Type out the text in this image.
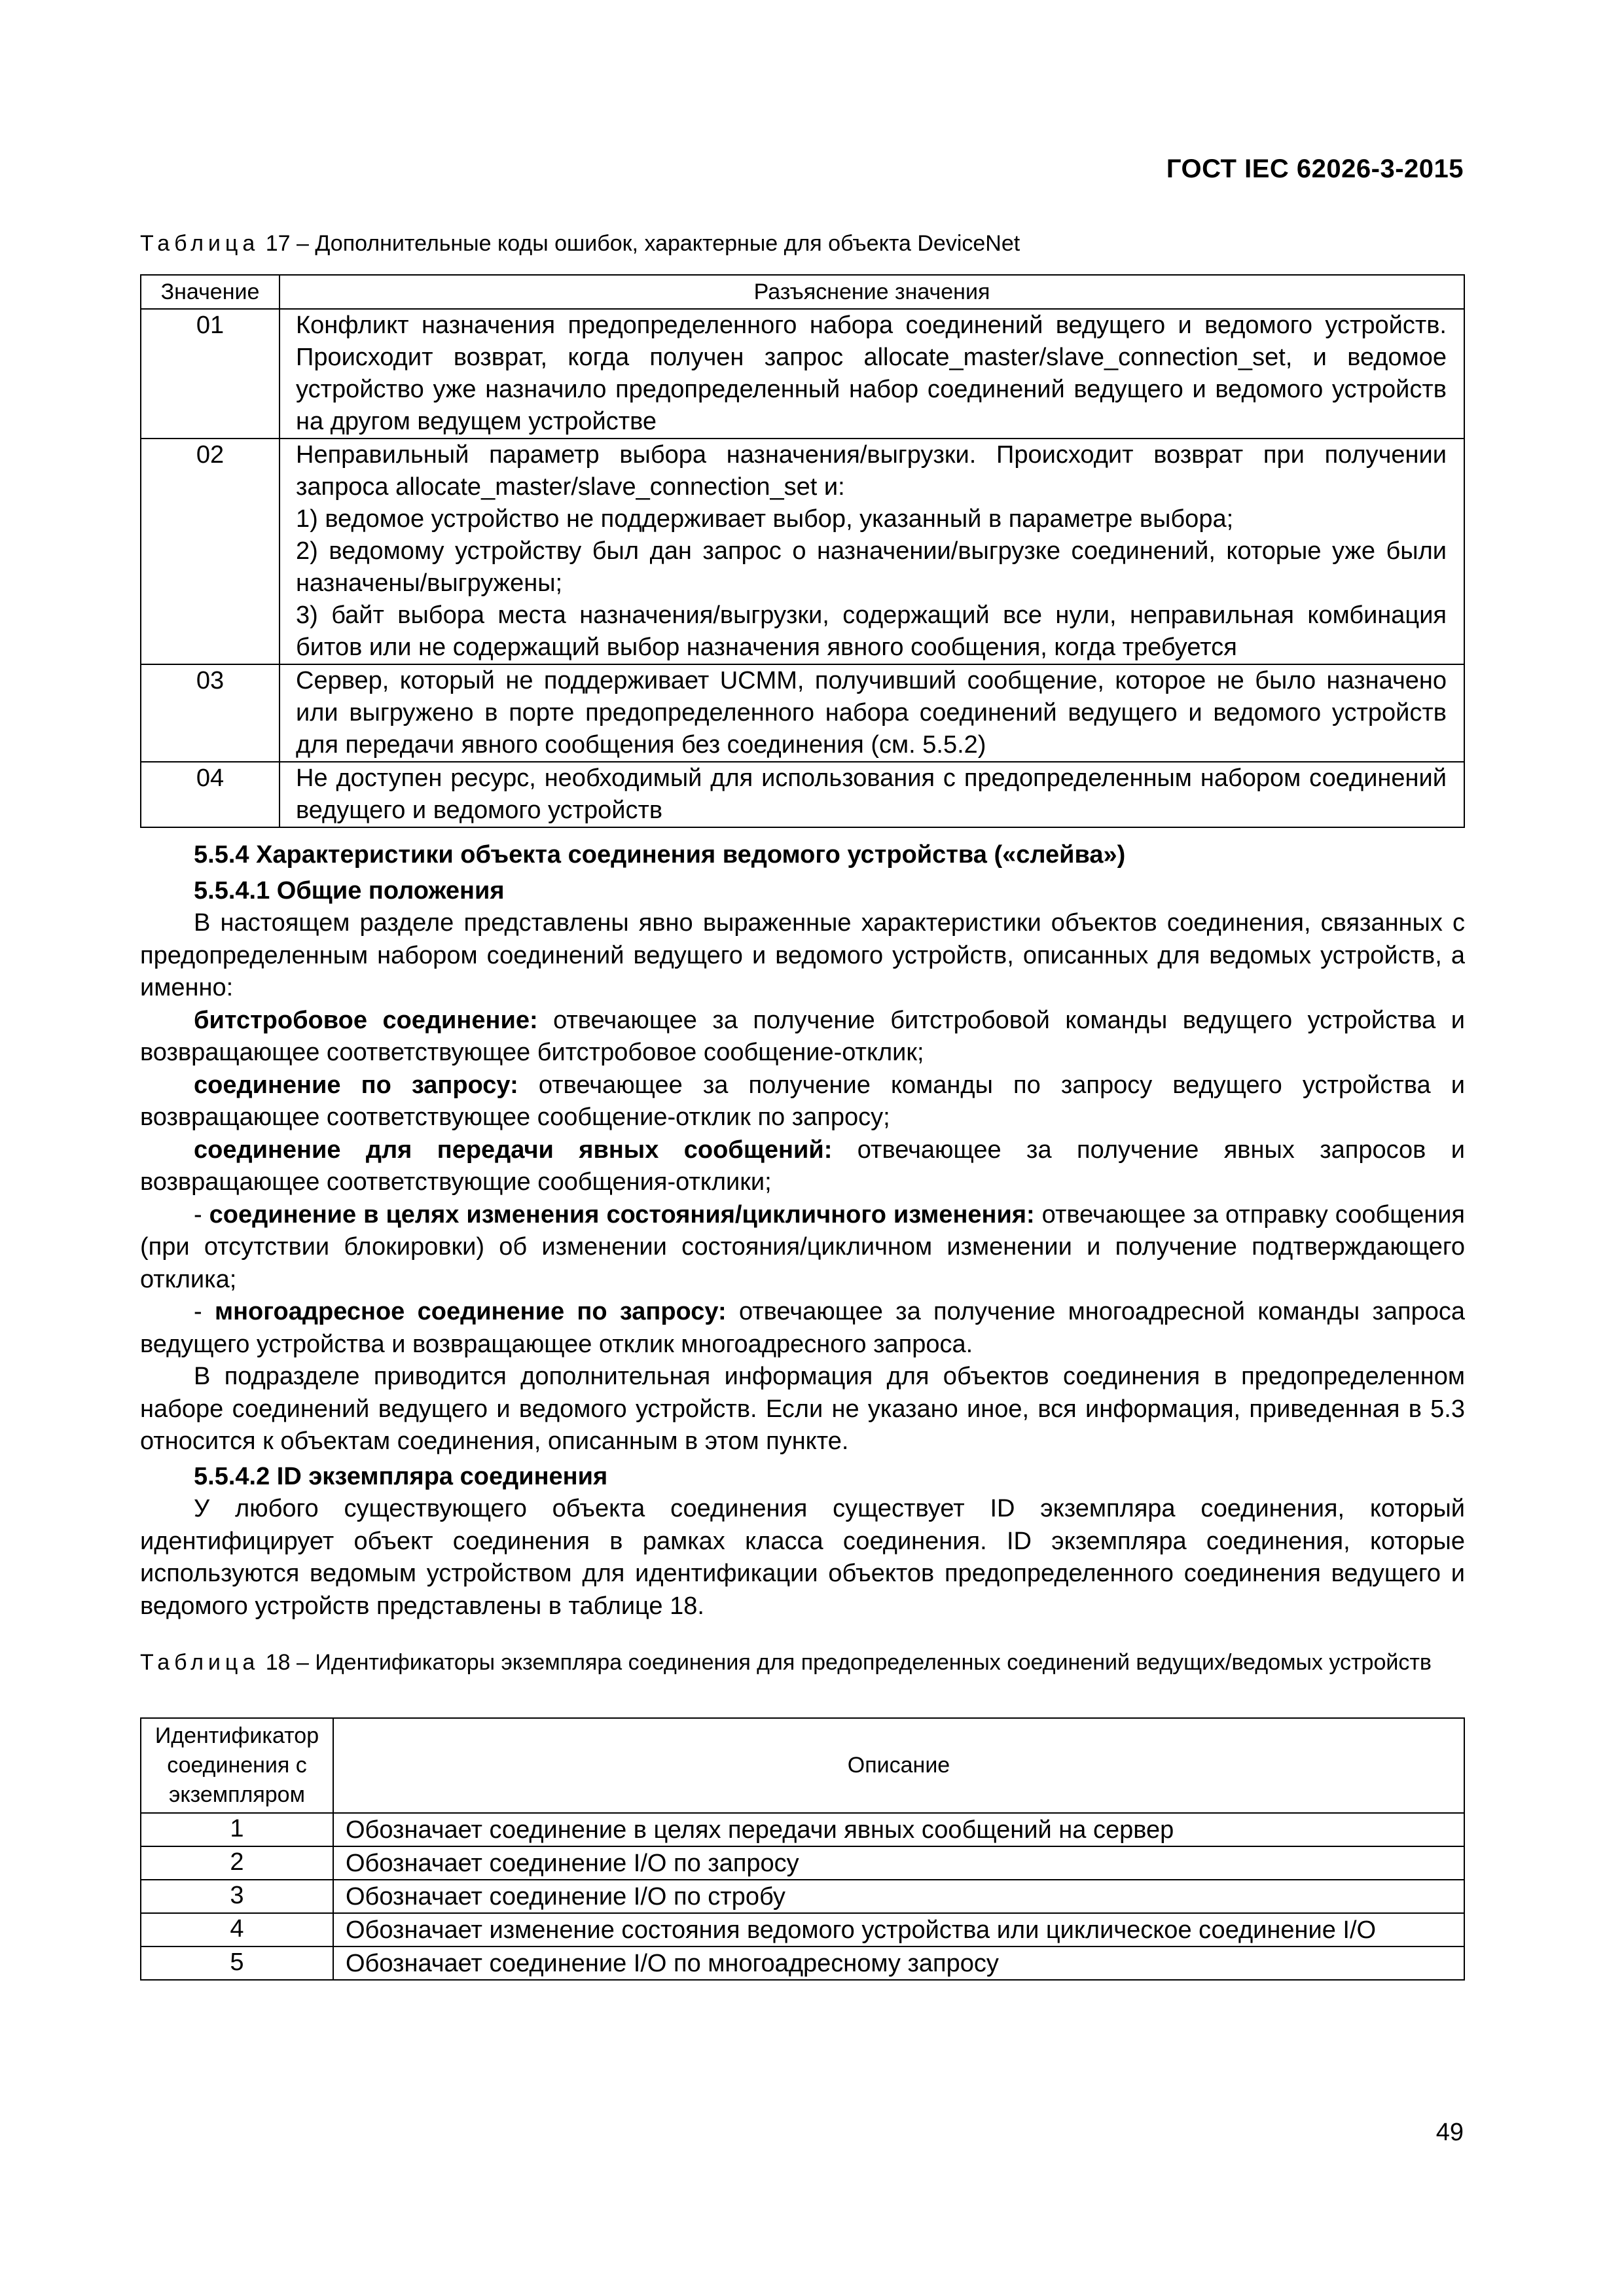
ГОСТ IEC 62026-3-2015
Таблица 17 – Дополнительные коды ошибок, характерные для объекта DeviceNet
Значение	Разъяснение значения
01	Конфликт назначения предопределенного набора соединений ведущего и ведомого устройств. Происходит возврат, когда получен запрос allocate_master/slave_connection_set, и ведомое устройство уже назначило предопределенный набор соединений ведущего и ведомого устройств на другом ведущем устройстве

02	Неправильный параметр выбора назначения/выгрузки. Происходит возврат при получении запроса allocate_master/slave_connection_set и:
1) ведомое устройство не поддерживает выбор, указанный в параметре выбора;
2) ведомому устройству был дан запрос о назначении/выгрузке соединений, которые уже были назначены/выгружены;
3) байт выбора места назначения/выгрузки, содержащий все нули, неправильная комбинация битов или не содержащий выбор назначения явного сообщения, когда требуется

03	Сервер, который не поддерживает UCMM, получивший сообщение, которое не было назначено или выгружено в порте предопределенного набора соединений ведущего и ведомого устройств для передачи явного сообщения без соединения (см. 5.5.2)

04	Не доступен ресурс, необходимый для использования с предопределенным набором соединений ведущего и ведомого устройств

5.5.4 Характеристики объекта соединения ведомого устройства («слейва»)

5.5.4.1 Общие положения

В настоящем разделе представлены явно выраженные характеристики объектов соединения, связанных с предопределенным набором соединений ведущего и ведомого устройств, описанных для ведомых устройств, а именно:

битстробовое соединение: отвечающее за получение битстробовой команды ведущего устройства и возвращающее соответствующее битстробовое сообщение-отклик;

соединение по запросу: отвечающее за получение команды по запросу ведущего устройства и возвращающее соответствующее сообщение-отклик по запросу;

соединение для передачи явных сообщений: отвечающее за получение явных запросов и возвращающее соответствующие сообщения-отклики;

- соединение в целях изменения состояния/цикличного изменения: отвечающее за отправку сообщения (при отсутствии блокировки) об изменении состояния/цикличном изменении и получение подтверждающего отклика;

- многоадресное соединение по запросу: отвечающее за получение многоадресной команды запроса ведущего устройства и возвращающее отклик многоадресного запроса.

В подразделе приводится дополнительная информация для объектов соединения в предопределенном наборе соединений ведущего и ведомого устройств. Если не указано иное, вся информация, приведенная в 5.3 относится к объектам соединения, описанным в этом пункте.

5.5.4.2 ID экземпляра соединения

У любого существующего объекта соединения существует ID экземпляра соединения, который идентифицирует объект соединения в рамках класса соединения. ID экземпляра соединения, которые используются ведомым устройством для идентификации объектов предопределенного соединения ведущего и ведомого устройств представлены в таблице 18.

Таблица 18 – Идентификаторы экземпляра соединения для предопределенных соединений ведущих/ведомых устройств
Идентификатор соединения с экземпляром	Описание
1	Обозначает соединение в целях передачи явных сообщений на сервер
2	Обозначает соединение I/O по запросу
3	Обозначает соединение I/O по стробу
4	Обозначает изменение состояния ведомого устройства или циклическое соединение I/O
5	Обозначает соединение I/O по многоадресному запросу
49
